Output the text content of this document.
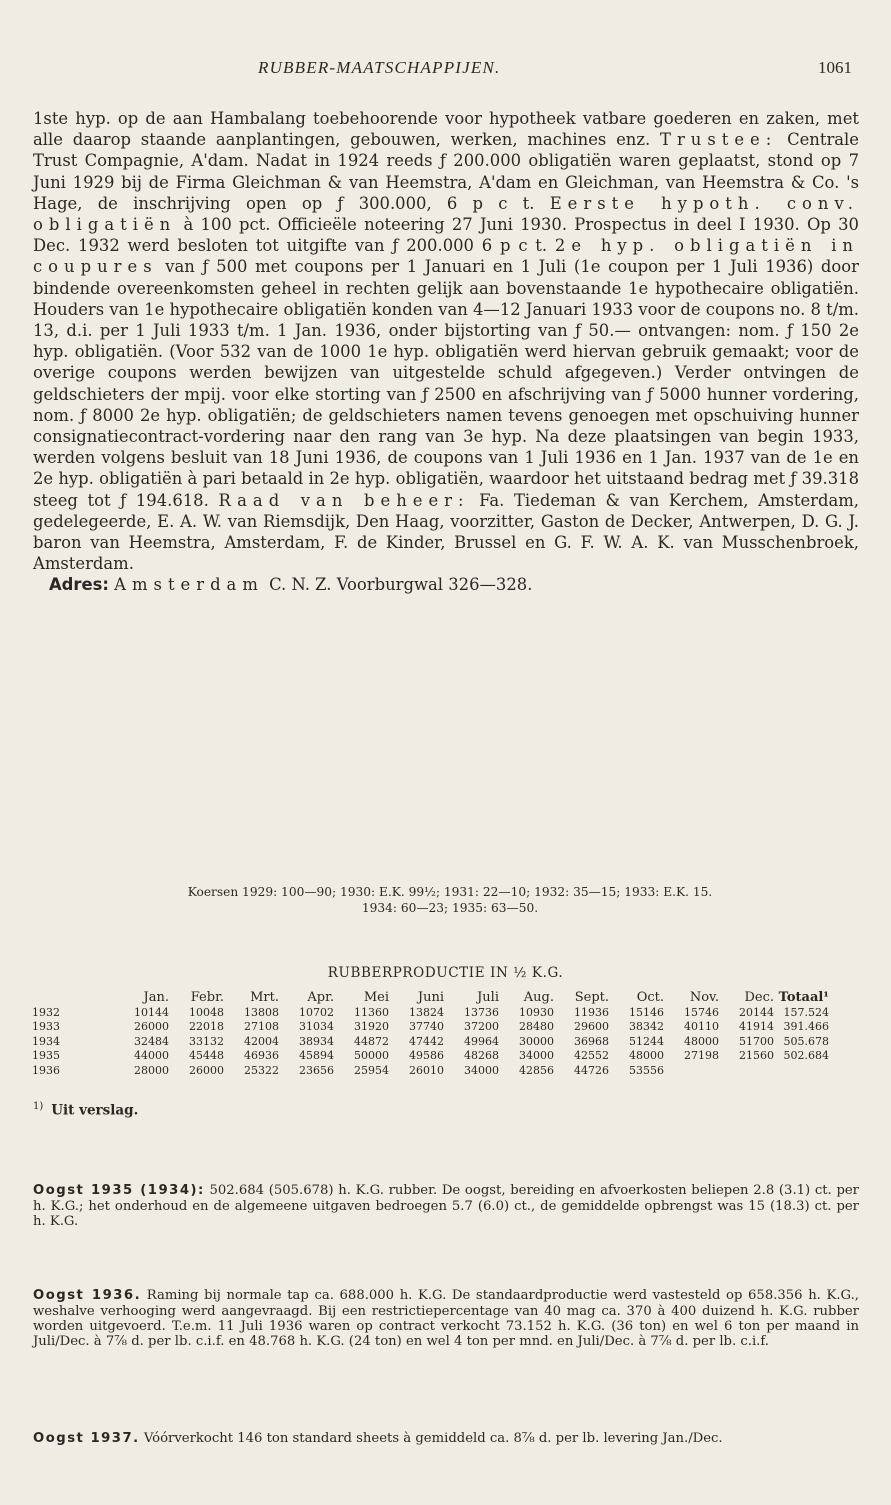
RUBBER-MAATSCHAPPIJEN.	1061

1ste hyp. op de aan Hambalang toebehoorende voor hypotheek vatbare goederen en zaken, met alle daarop staande aanplantingen, gebouwen, werken, machines enz. Trustee: Centrale Trust Compagnie, A'dam. Nadat in 1924 reeds ƒ 200.000 obligatiën waren geplaatst, stond op 7 Juni 1929 bij de Firma Gleichman & van Heemstra, A'dam en Gleichman, van Heemstra & Co. 's Hage, de inschrijving open op ƒ 300.000, 6 p c t. Eerste hypoth. conv. obligatiën à 100 pct. Officieële noteering 27 Juni 1930. Prospectus in deel I 1930. Op 30 Dec. 1932 werd besloten tot uitgifte van ƒ 200.000 6 p c t. 2e hyp. obligatiën in coupures van ƒ 500 met coupons per 1 Januari en 1 Juli (1e coupon per 1 Juli 1936) door bindende overeenkomsten geheel in rechten gelijk aan bovenstaande 1e hypothecaire obligatiën. Houders van 1e hypothecaire obligatiën konden van 4—12 Januari 1933 voor de coupons no. 8 t/m. 13, d.i. per 1 Juli 1933 t/m. 1 Jan. 1936, onder bijstorting van ƒ 50.— ontvangen: nom. ƒ 150 2e hyp. obligatiën. (Voor 532 van de 1000 1e hyp. obligatiën werd hiervan gebruik gemaakt; voor de overige coupons werden bewijzen van uitgestelde schuld afgegeven.) Verder ontvingen de geldschieters der mpij. voor elke storting van ƒ 2500 en afschrijving van ƒ 5000 hunner vordering, nom. ƒ 8000 2e hyp. obligatiën; de geldschieters namen tevens genoegen met opschuiving hunner consignatiecontract-vordering naar den rang van 3e hyp. Na deze plaatsingen van begin 1933, werden volgens besluit van 18 Juni 1936, de coupons van 1 Juli 1936 en 1 Jan. 1937 van de 1e en 2e hyp. obligatiën à pari betaald in 2e hyp. obligatiën, waardoor het uitstaand bedrag met ƒ 39.318 steeg tot ƒ 194.618. Raad van beheer: Fa. Tiedeman & van Kerchem, Amsterdam, gedelegeerde, E. A. W. van Riemsdijk, Den Haag, voorzitter, Gaston de Decker, Antwerpen, D. G. J. baron van Heemstra, Amsterdam, F. de Kinder, Brussel en G. F. W. A. K. van Musschenbroek, Amsterdam.

Adres: Amsterdam C. N. Z. Voorburgwal 326—328.

Koersen 1929: 100—90; 1930: E.K. 99½; 1931: 22—10; 1932: 35—15; 1933: E.K. 15.
1934: 60—23; 1935: 63—50.
RUBBERPRODUCTIE IN ½ K.G.
	Jan.	Febr.	Mrt.	Apr.	Mei	Juni	Juli	Aug.	Sept.	Oct.	Nov.	Dec.	Totaal¹
1932	10144	10048	13808	10702	11360	13824	13736	10930	11936	15146	15746	20144	157.524
1933	26000	22018	27108	31034	31920	37740	37200	28480	29600	38342	40110	41914	391.466
1934	32484	33132	42004	38934	44872	47442	49964	30000	36968	51244	48000	51700	505.678
1935	44000	45448	46936	45894	50000	49586	48268	34000	42552	48000	27198	21560	502.684
1936	28000	26000	25322	23656	25954	26010	34000	42856	44726	53556			
$^{1)}$ Uit verslag.

Oogst 1935 (1934): 502.684 (505.678) h. K.G. rubber. De oogst, bereiding en afvoerkosten beliepen 2.8 (3.1) ct. per h. K.G.; het onderhoud en de algemeene uitgaven bedroegen 5.7 (6.0) ct., de gemiddelde opbrengst was 15 (18.3) ct. per h. K.G.

Oogst 1936. Raming bij normale tap ca. 688.000 h. K.G. De standaardproductie werd vastesteld op 658.356 h. K.G., weshalve verhooging werd aangevraagd. Bij een restrictiepercentage van 40 mag ca. 370 à 400 duizend h. K.G. rubber worden uitgevoerd. T.e.m. 11 Juli 1936 waren op contract verkocht 73.152 h. K.G. (36 ton) en wel 6 ton per maand in Juli/Dec. à 7⅞ d. per lb. c.i.f. en 48.768 h. K.G. (24 ton) en wel 4 ton per mnd. en Juli/Dec. à 7⅞ d. per lb. c.i.f.

Oogst 1937. Vóórverkocht 146 ton standard sheets à gemiddeld ca. 8⅞ d. per lb. levering Jan./Dec.
